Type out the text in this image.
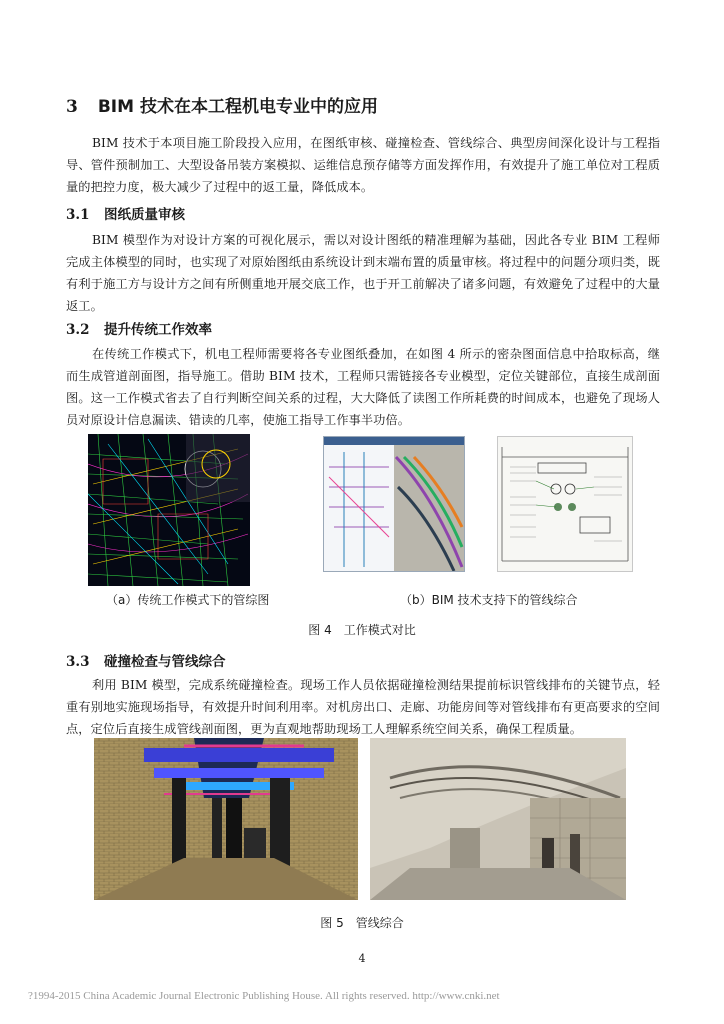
3 BIM 技术在本工程机电专业中的应用

BIM 技术于本项目施工阶段投入应用，在图纸审核、碰撞检查、管线综合、典型房间深化设计与工程指导、管件预制加工、大型设备吊装方案模拟、运维信息预存储等方面发挥作用，有效提升了施工单位对工程质量的把控力度，极大减少了过程中的返工量，降低成本。

3.1 图纸质量审核

BIM 模型作为对设计方案的可视化展示，需以对设计图纸的精准理解为基础，因此各专业 BIM 工程师完成主体模型的同时，也实现了对原始图纸由系统设计到末端布置的质量审核。将过程中的问题分项归类，既有利于施工方与设计方之间有所侧重地开展交底工作，也于开工前解决了诸多问题，有效避免了过程中的大量返工。

3.2 提升传统工作效率

在传统工作模式下，机电工程师需要将各专业图纸叠加，在如图 4 所示的密杂图面信息中拾取标高，继而生成管道剖面图，指导施工。借助 BIM 技术，工程师只需链接各专业模型，定位关键部位，直接生成剖面图。这一工作模式省去了自行判断空间关系的过程，大大降低了读图工作所耗费的时间成本，也避免了现场人员对原设计信息漏读、错读的几率，使施工指导工作事半功倍。

（a）传统工作模式下的管综图	（b）BIM 技术支持下的管线综合
图 4　工作模式对比
3.3 碰撞检查与管线综合

利用 BIM 模型，完成系统碰撞检查。现场工作人员依据碰撞检测结果提前标识管线排布的关键节点，轻重有别地实施现场指导，有效提升时间利用率。对机房出口、走廊、功能房间等对管线排布有更高要求的空间点，定位后直接生成管线剖面图，更为直观地帮助现场工人理解系统空间关系，确保工程质量。

图 5　管线综合
4
?1994-2015 China Academic Journal Electronic Publishing House. All rights reserved. http://www.cnki.net
